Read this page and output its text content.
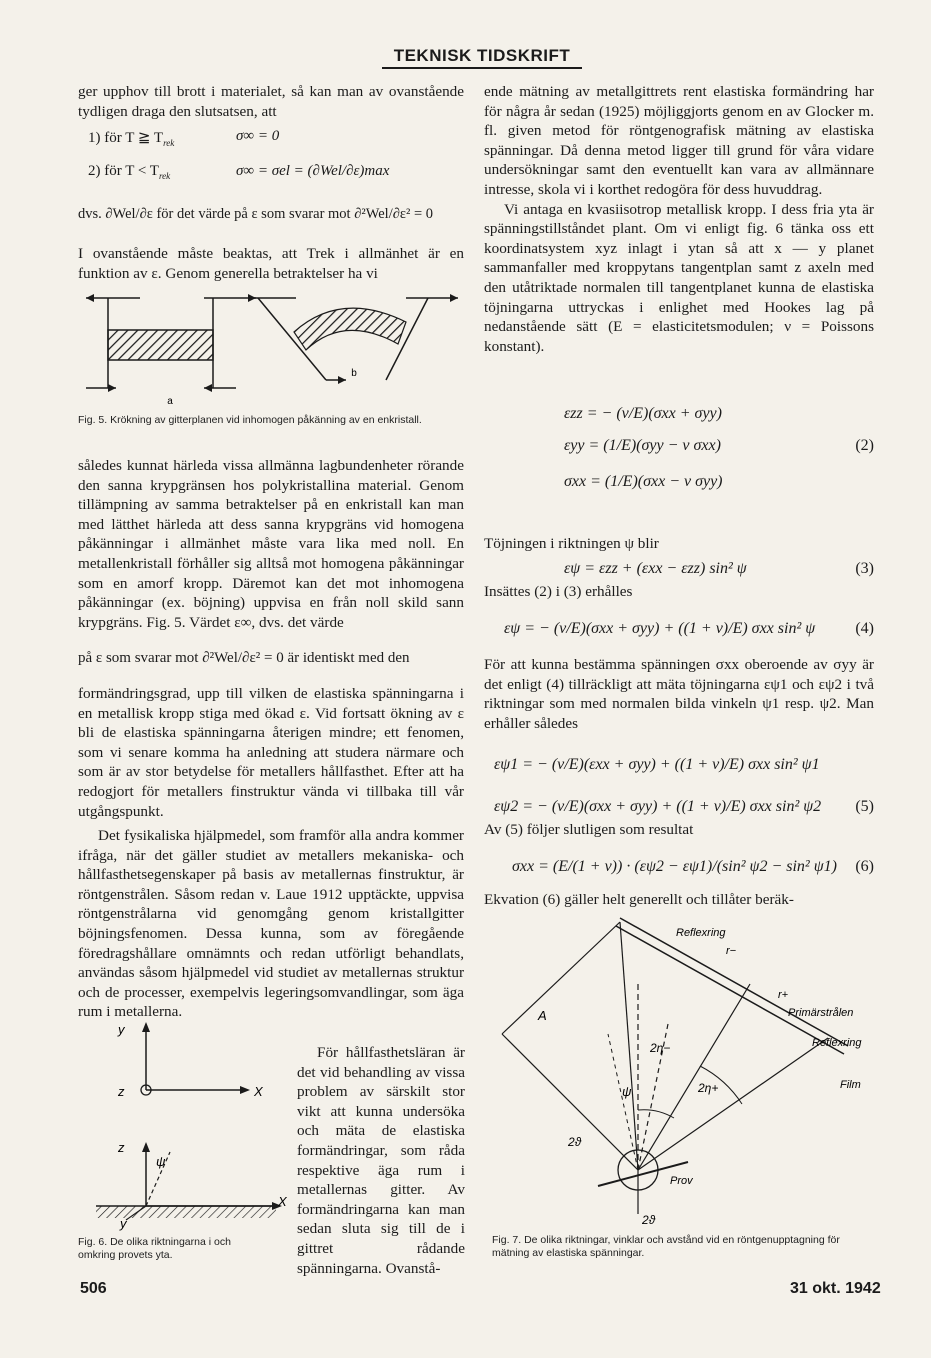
TEKNISK TIDSKRIFT

ger upphov till brott i materialet, så kan man av ovanstående tydligen draga den slutsatsen, att

1) för T ≧ $T_{rek}$	σ∞ = 0
2) för $T < T_{rek}$	σ∞ = σel = (∂Wel/∂ε)max
dvs. ∂Wel/∂ε för det värde på ε som svarar mot ∂²Wel/∂ε² = 0

I ovanstående måste beaktas, att Trek i allmänhet är en funktion av ε. Genom generella betraktelser ha vi

a
b
Fig. 5. Krökning av gitterplanen vid inhomogen påkänning av en enkristall.

således kunnat härleda vissa allmänna lagbundenheter rörande den sanna krypgränsen hos polykristallina material. Genom tillämpning av samma betraktelser på en enkristall kan man med lätthet härleda att dess sanna krypgräns vid homogena påkänningar i allmänhet måste vara lika med noll. En metallenkristall förhåller sig alltså mot homogena påkänningar som en amorf kropp. Däremot kan det mot inhomogena påkänningar (ex. böjning) uppvisa en från noll skild sann krypgräns. Fig. 5. Värdet ε∞, dvs. det värde

på ε som svarar mot ∂²Wel/∂ε² = 0 är identiskt med den

formändringsgrad, upp till vilken de elastiska spänningarna i en metallisk kropp stiga med ökad ε. Vid fortsatt ökning av ε bli de elastiska spänningarna återigen mindre; ett fenomen, som vi senare komma ha anledning att studera närmare och som är av stor betydelse för metallers hållfasthet. Efter att ha redogjort för metallers finstruktur vända vi tillbaka till vår utgångspunkt.

Det fysikaliska hjälpmedel, som framför alla andra kommer ifråga, när det gäller studiet av metallers mekaniska- och hållfasthetsegenskaper på basis av metallernas finstruktur, är röntgenstrålen. Såsom redan v. Laue 1912 upptäckte, uppvisa röntgenstrålarna vid genomgång genom kristallgitter böjningsfenomen. Dessa kunna, som av föregående föredragshållare omnämnts och redan utförligt behandlats, användas såsom hjälpmedel vid studiet av metallernas struktur och de processer, exempelvis legeringsomvandlingar, som äga rum i metallerna.

För hållfasthetsläran är det vid behandling av vissa problem av särskilt stor vikt att kunna undersöka och mäta de elastiska formändringar, som råda respektive äga rum i metallernas gitter. Av formändringarna kan man sedan sluta sig till de i gittret rådande spänningarna. Ovanstå-

y
z	X
z
ψ
y
X
Fig. 6. De olika riktningarna i och omkring provets yta.

ende mätning av metallgittrets rent elastiska formändring har för några år sedan (1925) möjliggjorts genom en av Glocker m. fl. given metod för röntgenografisk mätning av elastiska spänningar. Då denna metod ligger till grund för våra vidare undersökningar samt den eventuellt kan vara av allmännare intresse, skola vi i korthet redogöra för dess huvuddrag.

Vi antaga en kvasiisotrop metallisk kropp. I dess fria yta är spänningstillståndet plant. Om vi enligt fig. 6 tänka oss ett koordinatsystem xyz inlagt i ytan så att x — y planet sammanfaller med kroppytans tangentplan samt z axeln med den utåtriktade normalen till tangentplanet kunna de elastiska töjningarna uttryckas i enlighet med Hookes lag på nedanstående sätt (E = elasticitetsmodulen; ν = Poissons konstant).

εzz = − (ν/E)(σxx + σyy)
εyy = (1/E)(σyy − ν σxx)	(2)
σxx = (1/E)(σxx − ν σyy)

Töjningen i riktningen ψ blir

εψ = εzz + (εxx − εzz) sin² ψ	(3)

Insättes (2) i (3) erhålles

εψ = − (ν/E)(σxx + σyy) + ((1 + ν)/E) σxx sin² ψ	(4)

För att kunna bestämma spänningen σxx oberoende av σyy är det enligt (4) tillräckligt att mäta töjningarna εψ1 och εψ2 i två riktningar som med normalen bilda vinkeln ψ1 resp. ψ2. Man erhåller således

εψ1 = − (ν/E)(εxx + σyy) + ((1 + ν)/E) σxx sin² ψ1
εψ2 = − (ν/E)(σxx + σyy) + ((1 + ν)/E) σxx sin² ψ2 (5)

Av (5) följer slutligen som resultat

σxx = (E/(1 + ν)) · (εψ2 − εψ1)/(sin² ψ2 − sin² ψ1) (6)

Ekvation (6) gäller helt generellt och tillåter beräk-

Reflexring
r−
r+
Primärstrålen
Reflexring
A
2η−
2η+	Film
ψ
2ϑ
Prov
2ϑ
Fig. 7. De olika riktningar, vinklar och avstånd vid en röntgenupptagning för mätning av elastiska spänningar.
506	31 okt. 1942
